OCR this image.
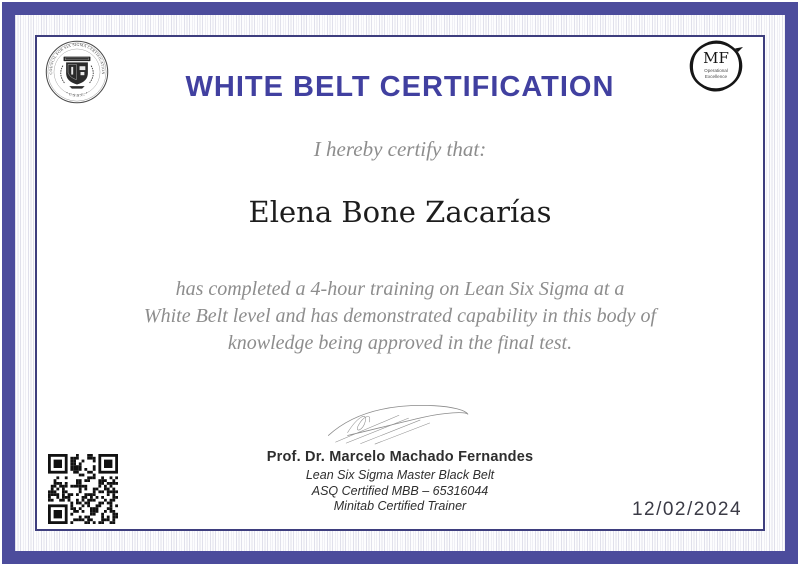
COUNCIL FOR SIX SIGMA CERTIFICATION
• C.S.S.C. •
MF
Operational
Excellence
WHITE BELT CERTIFICATION
I hereby certify that:
Elena Bone Zacarías
has completed a 4-hour training on Lean Six Sigma at a
White Belt level and has demonstrated capability in this body of
knowledge being approved in the final test.
Prof. Dr. Marcelo Machado Fernandes
Lean Six Sigma Master Black Belt
ASQ Certified MBB – 65316044
Minitab Certified Trainer	12/02/2024
